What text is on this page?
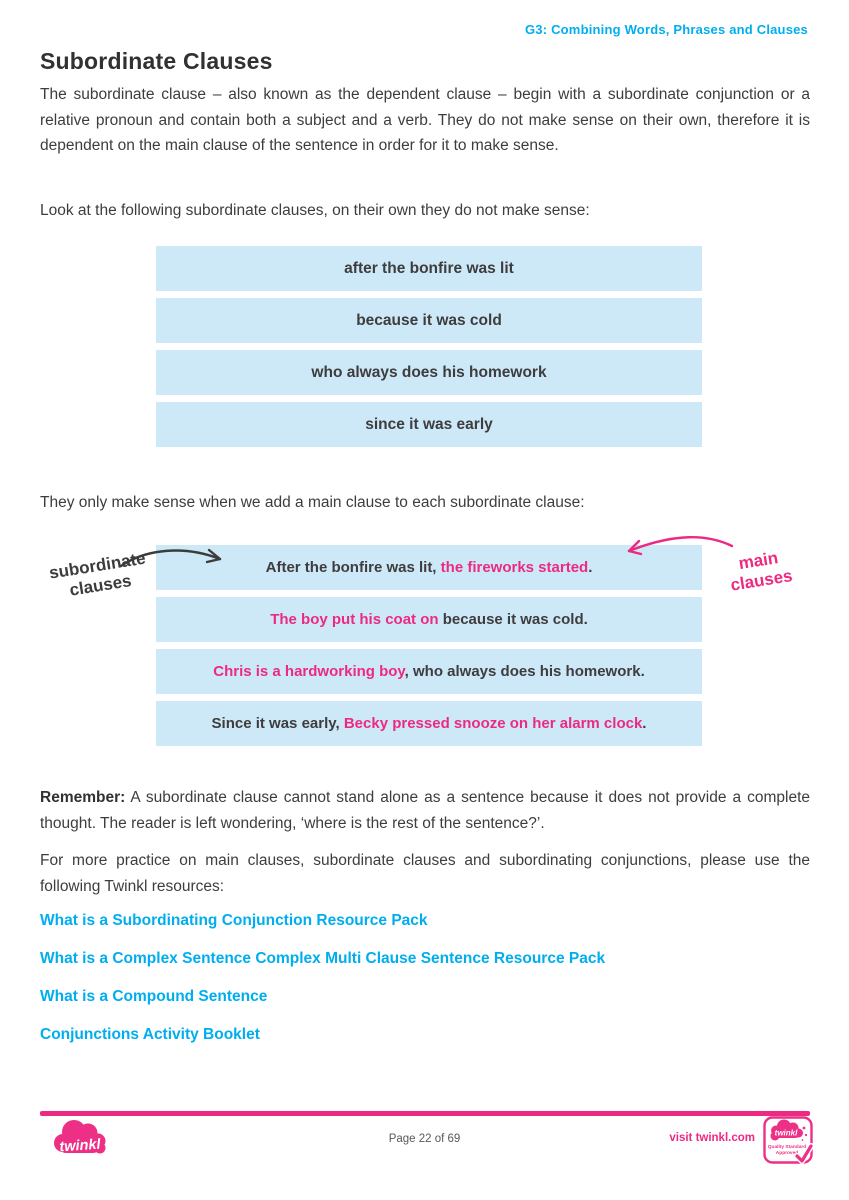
G3: Combining Words, Phrases and Clauses
Subordinate Clauses

The subordinate clause – also known as the dependent clause – begin with a subordinate conjunction or a relative pronoun and contain both a subject and a verb. They do not make sense on their own, therefore it is dependent on the main clause of the sentence in order for it to make sense.

Look at the following subordinate clauses, on their own they do not make sense:

after the bonfire was lit
because it was cold
who always does his homework
since it was early

They only make sense when we add a main clause to each subordinate clause:

After the bonfire was lit, the fireworks started.
The boy put his coat on because it was cold.
Chris is a hardworking boy, who always does his homework.
Since it was early, Becky pressed snooze on her alarm clock.
subordinate clauses
main clauses

Remember: A subordinate clause cannot stand alone as a sentence because it does not provide a complete thought. The reader is left wondering, ‘where is the rest of the sentence?’.

For more practice on main clauses, subordinate clauses and subordinating conjunctions, please use the following Twinkl resources:

What is a Subordinating Conjunction Resource Pack
What is a Complex Sentence Complex Multi Clause Sentence Resource Pack
What is a Compound Sentence
Conjunctions Activity Booklet
twinkl	Page 22 of 69	visit twinkl.com twinkl
Quality Standard
Approved
